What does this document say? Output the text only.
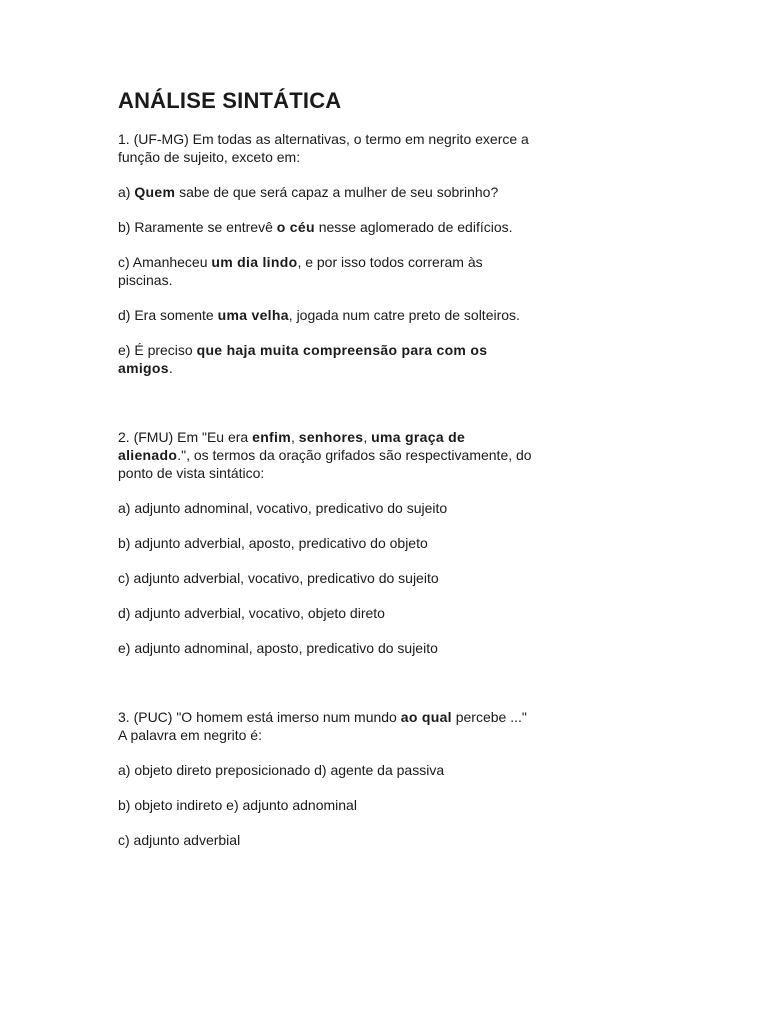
ANÁLISE SINTÁTICA
1. (UF-MG) Em todas as alternativas, o termo em negrito exerce a função de sujeito, exceto em:
a) Quem sabe de que será capaz a mulher de seu sobrinho?
b) Raramente se entrevê o céu nesse aglomerado de edifícios.
c) Amanheceu um dia lindo, e por isso todos correram às piscinas.
d) Era somente uma velha, jogada num catre preto de solteiros.
e) É preciso que haja muita compreensão para com os amigos.
2. (FMU) Em "Eu era enfim, senhores, uma graça de alienado.", os termos da oração grifados são respectivamente, do ponto de vista sintático:
a) adjunto adnominal, vocativo, predicativo do sujeito
b) adjunto adverbial, aposto, predicativo do objeto
c) adjunto adverbial, vocativo, predicativo do sujeito
d) adjunto adverbial, vocativo, objeto direto
e) adjunto adnominal, aposto, predicativo do sujeito
3. (PUC) "O homem está imerso num mundo ao qual percebe ..." A palavra em negrito é:
a) objeto direto preposicionado d) agente da passiva
b) objeto indireto e) adjunto adnominal
c) adjunto adverbial
